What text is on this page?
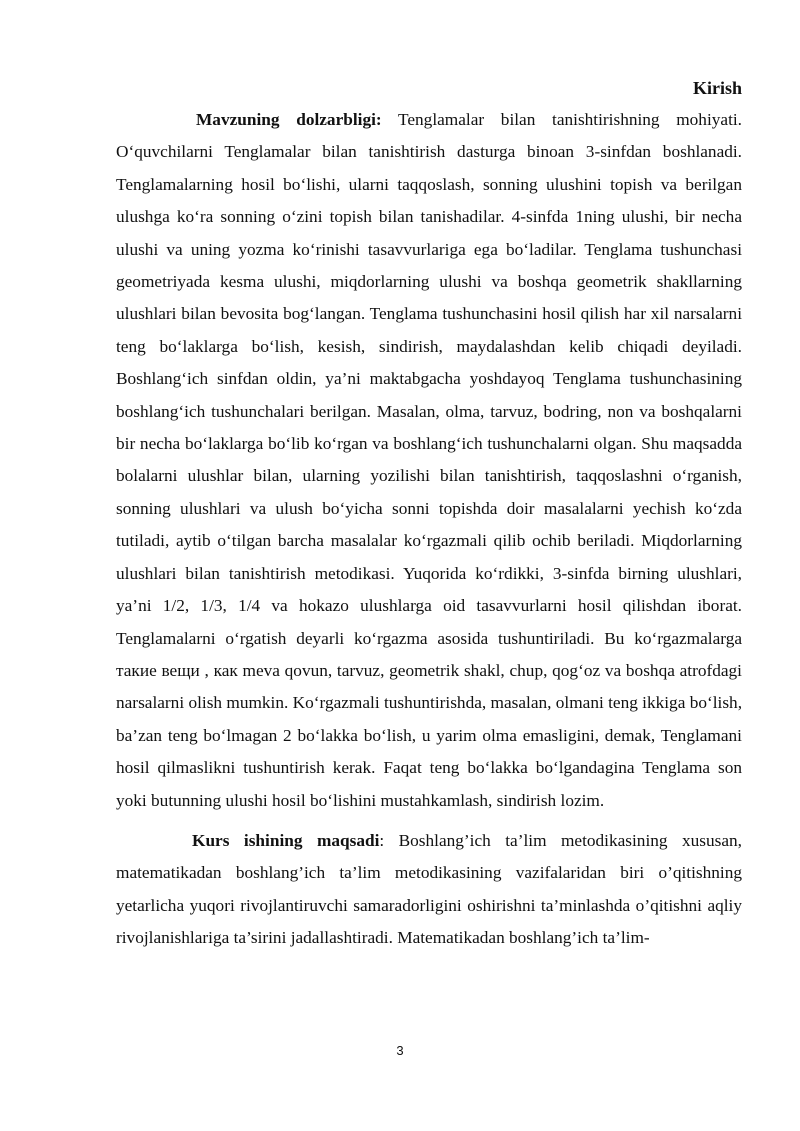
Kirish

Mavzuning dolzarbligi: Tenglamalar bilan tanishtirishning mohiyati. O‘quvchilarni Tenglamalar bilan tanishtirish dasturga binoan 3-sinfdan boshlanadi. Tenglamalarning hosil bo‘lishi, ularni taqqoslash, sonning ulushini topish va berilgan ulushga ko‘ra sonning o‘zini topish bilan tanishadilar. 4-sinfda 1ning ulushi, bir necha ulushi va uning yozma ko‘rinishi tasavvurlariga ega bo‘ladilar. Tenglama tushunchasi geometriyada kesma ulushi, miqdorlarning ulushi va boshqa geometrik shakllarning ulushlari bilan bevosita bog‘langan. Tenglama tushunchasini hosil qilish har xil narsalarni teng bo‘laklarga bo‘lish, kesish, sindirish, maydalashdan kelib chiqadi deyiladi. Boshlang‘ich sinfdan oldin, ya’ni maktabgacha yoshdayoq Tenglama tushunchasining boshlang‘ich tushunchalari berilgan. Masalan, olma, tarvuz, bodring, non va boshqalarni bir necha bo‘laklarga bo‘lib ko‘rgan va boshlang‘ich tushunchalarni olgan. Shu maqsadda bolalarni ulushlar bilan, ularning yozilishi bilan tanishtirish, taqqoslashni o‘rganish, sonning ulushlari va ulush bo‘yicha sonni topishda doir masalalarni yechish ko‘zda tutiladi, aytib o‘tilgan barcha masalalar ko‘rgazmali qilib ochib beriladi. Miqdorlarning ulushlari bilan tanishtirish metodikasi. Yuqorida ko‘rdikki, 3-sinfda birning ulushlari, ya’ni 1/2, 1/3, 1/4 va hokazo ulushlarga oid tasavvurlarni hosil qilishdan iborat. Tenglamalarni o‘rgatish deyarli ko‘rgazma asosida tushuntiriladi. Bu ko‘rgazmalarga такие вещи , как meva qovun, tarvuz, geometrik shakl, chup, qog‘oz va boshqa atrofdagi narsalarni olish mumkin. Ko‘rgazmali tushuntirishda, masalan, olmani teng ikkiga bo‘lish, ba’zan teng bo‘lmagan 2 bo‘lakka bo‘lish, u yarim olma emasligini, demak, Tenglamani hosil qilmaslikni tushuntirish kerak. Faqat teng bo‘lakka bo‘lgandagina Tenglama son yoki butunning ulushi hosil bo‘lishini mustahkamlash, sindirish lozim.

Kurs ishining maqsadi: Boshlang’ich ta’lim metodikasining xususan, matematikadan boshlang’ich ta’lim metodikasining vazifalaridan biri o’qitishning yetarlicha yuqori rivojlantiruvchi samaradorligini oshirishni ta’minlashda o’qitishni aqliy rivojlanishlariga ta’sirini jadallashtiradi. Matematikadan boshlang’ich ta’lim-

3
